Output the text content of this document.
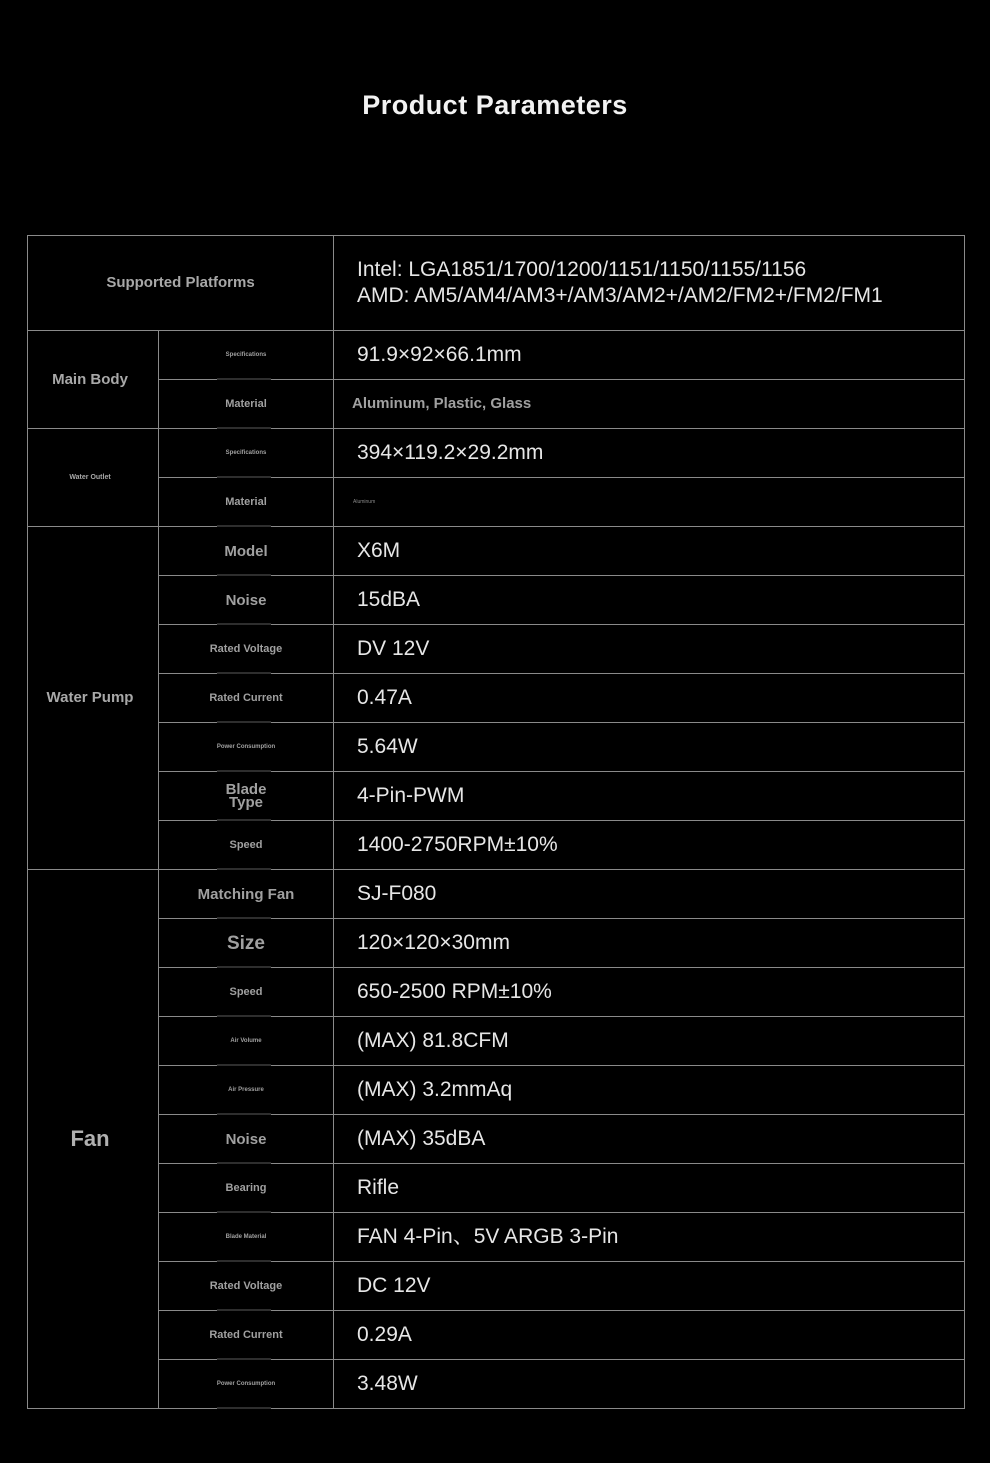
Product Parameters
Supported Platforms		Intel: LGA1851/1700/1200/1151/1150/1155/1156
AMD: AM5/AM4/AM3+/AM3/AM2+/AM2/FM2+/FM2/FM1

Main Body	Specifications	91.9×92×66.1mm
	Material	Aluminum, Plastic, Glass
Water Outlet	Specifications	394×119.2×29.2mm
	Material	Aluminum
Water Pump	Model	X6M
	Noise	15dBA
	Rated Voltage	DV 12V
	Rated Current	0.47A
	Power Consumption	5.64W
	Blade Type	4-Pin-PWM
	Speed	1400-2750RPM±10%
Fan	Matching Fan	SJ-F080
	Size	120×120×30mm
	Speed	650-2500 RPM±10%
	Air Volume	(MAX) 81.8CFM
	Air Pressure	(MAX) 3.2mmAq
	Noise	(MAX) 35dBA
	Bearing	Rifle
	Blade Material	FAN 4-Pin、5V ARGB 3-Pin
	Rated Voltage	DC 12V
	Rated Current	0.29A
	Power Consumption	3.48W
